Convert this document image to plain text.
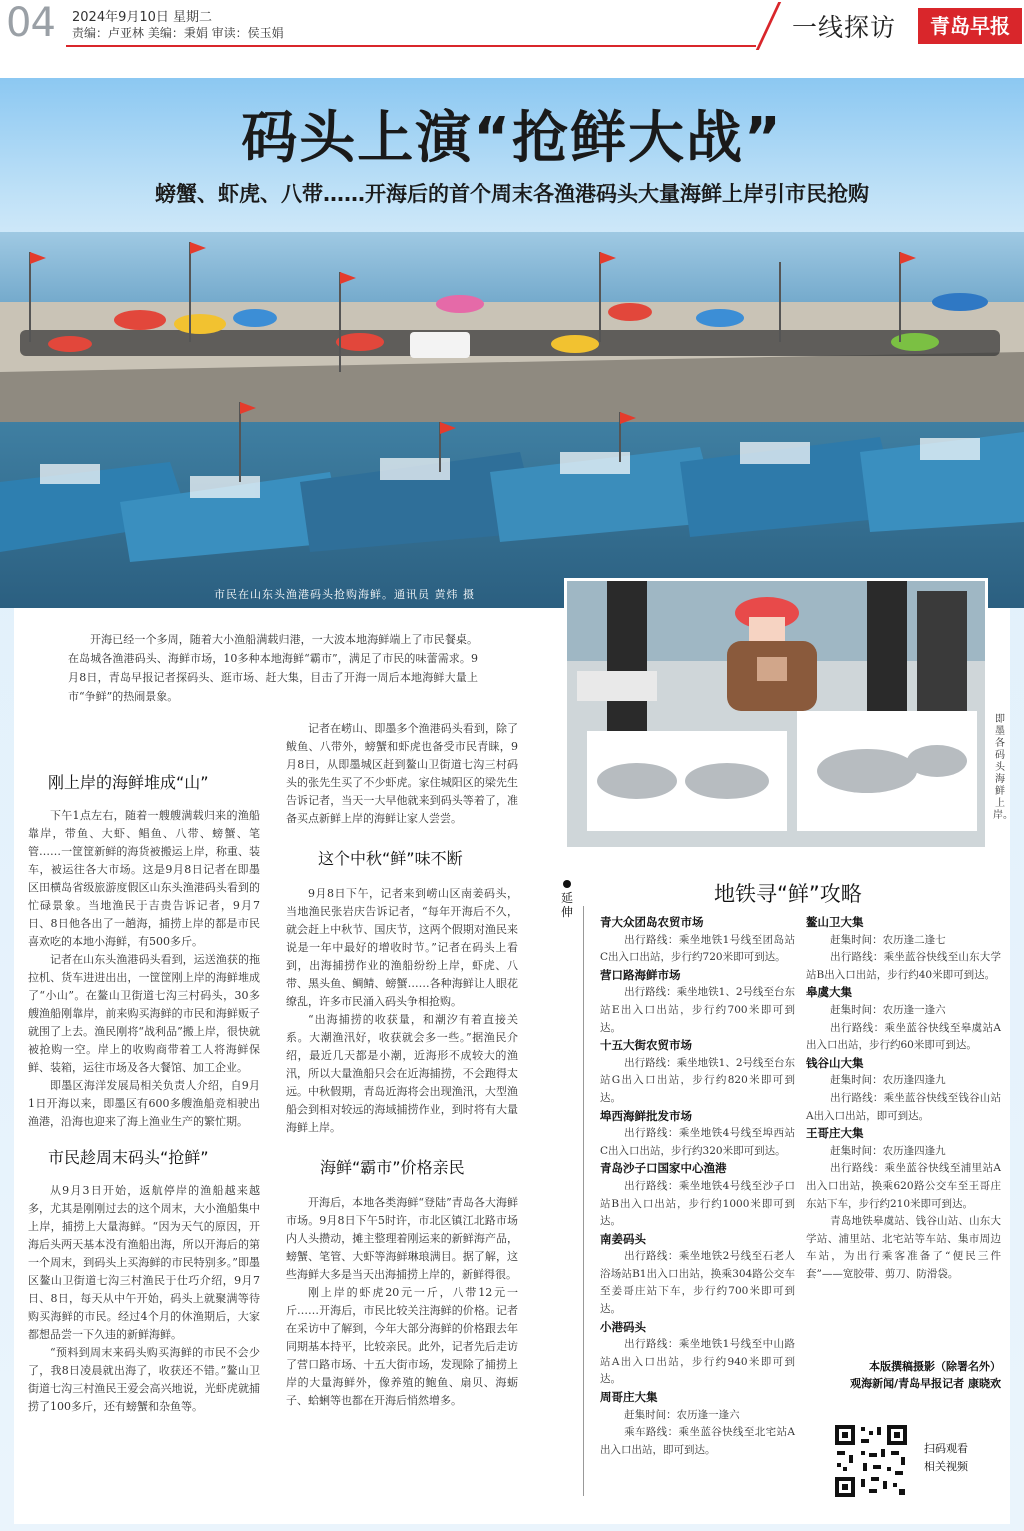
04 2024年9月10日 星期二
责编：卢亚林 美编：秉娟 审读：侯玉娟	一线探访	青岛早报
码头上演“抢鲜大战”
螃蟹、虾虎、八带……开海后的首个周末各渔港码头大量海鲜上岸引市民抢购
市民在山东头渔港码头抢购海鲜。通讯员 黄炜 摄
即墨各码头海鲜上岸。

开海已经一个多周，随着大小渔船满载归港，一大波本地海鲜端上了市民餐桌。在岛城各渔港码头、海鲜市场，10多种本地海鲜“霸市”，满足了市民的味蕾需求。9月8日，青岛早报记者探码头、逛市场、赶大集，目击了开海一周后本地海鲜大量上市“争鲜”的热闹景象。

刚上岸的海鲜堆成“山”

下午1点左右，随着一艘艘满载归来的渔船靠岸，带鱼、大虾、鲳鱼、八带、螃蟹、笔管……一筐筐新鲜的海货被搬运上岸，称重、装车，被运往各大市场。这是9月8日记者在即墨区田横岛省级旅游度假区山东头渔港码头看到的忙碌景象。当地渔民于吉贵告诉记者，9月7日、8日他各出了一趟海，捕捞上岸的都是市民喜欢吃的本地小海鲜，有500多斤。

记者在山东头渔港码头看到，运送渔获的拖拉机、货车进进出出，一筐筐刚上岸的海鲜堆成了“小山”。在鳌山卫街道七沟三村码头，30多艘渔船刚靠岸，前来购买海鲜的市民和海鲜贩子就围了上去。渔民刚将“战利品”搬上岸，很快就被抢购一空。岸上的收购商带着工人将海鲜保鲜、装箱，运往市场及各大餐馆、加工企业。

即墨区海洋发展局相关负责人介绍，自9月1日开海以来，即墨区有600多艘渔船竞相驶出渔港，沿海也迎来了海上渔业生产的繁忙期。

市民趁周末码头“抢鲜”

从9月3日开始，返航停岸的渔船越来越多，尤其是刚刚过去的这个周末，大小渔船集中上岸，捕捞上大量海鲜。“因为天气的原因，开海后头两天基本没有渔船出海，所以开海后的第一个周末，到码头上买海鲜的市民特别多。”即墨区鳌山卫街道七沟三村渔民于仕巧介绍，9月7日、8日，每天从中午开始，码头上就聚满等待购买海鲜的市民。经过4个月的休渔期后，大家都想品尝一下久违的新鲜海鲜。

“预料到周末来码头购买海鲜的市民不会少了，我8日凌晨就出海了，收获还不错。”鳌山卫街道七沟三村渔民王爱会高兴地说，光虾虎就捕捞了100多斤，还有螃蟹和杂鱼等。

记者在崂山、即墨多个渔港码头看到，除了鲅鱼、八带外，螃蟹和虾虎也备受市民青睐，9月8日，从即墨城区赶到鳌山卫街道七沟三村码头的张先生买了不少虾虎。家住城阳区的梁先生告诉记者，当天一大早他就来到码头等着了，准备买点新鲜上岸的海鲜让家人尝尝。

这个中秋“鲜”味不断

9月8日下午，记者来到崂山区南姜码头，当地渔民张岩庆告诉记者，“每年开海后不久，就会赶上中秋节、国庆节，这两个假期对渔民来说是一年中最好的增收时节。”记者在码头上看到，出海捕捞作业的渔船纷纷上岸，虾虎、八带、黑头鱼、鲷鲭、螃蟹……各种海鲜让人眼花缭乱，许多市民涌入码头争相抢购。

“出海捕捞的收获量，和潮汐有着直接关系。大潮渔汛好，收获就会多一些。”据渔民介绍，最近几天都是小潮，近海形不成较大的渔汛，所以大量渔船只会在近海捕捞，不会跑得太远。中秋假期，青岛近海将会出现渔汛，大型渔船会到相对较远的海域捕捞作业，到时将有大量海鲜上岸。

海鲜“霸市”价格亲民

开海后，本地各类海鲜“登陆”青岛各大海鲜市场。9月8日下午5时许，市北区镇江北路市场内人头攒动，摊主整理着刚运来的新鲜海产品，螃蟹、笔管、大虾等海鲜琳琅满目。据了解，这些海鲜大多是当天出海捕捞上岸的，新鲜得很。

刚上岸的虾虎20元一斤，八带12元一斤……开海后，市民比较关注海鲜的价格。记者在采访中了解到，今年大部分海鲜的价格跟去年同期基本持平，比较亲民。此外，记者先后走访了营口路市场、十五大街市场，发现除了捕捞上岸的大量海鲜外，像养殖的鲍鱼、扇贝、海蛎子、蛤蜊等也都在开海后悄然增多。

延伸
地铁寻“鲜”攻略
青大众团岛农贸市场
出行路线：乘坐地铁1号线至团岛站C出入口出站，步行约720米即可到达。
营口路海鲜市场
出行路线：乘坐地铁1、2号线至台东站E出入口出站，步行约700米即可到达。
十五大街农贸市场
出行路线：乘坐地铁1、2号线至台东站G出入口出站，步行约820米即可到达。
埠西海鲜批发市场
出行路线：乘坐地铁4号线至埠西站C出入口出站，步行约320米即可到达。
青岛沙子口国家中心渔港
出行路线：乘坐地铁4号线至沙子口站B出入口出站，步行约1000米即可到达。
南姜码头
出行路线：乘坐地铁2号线至石老人浴场站B1出入口出站，换乘304路公交车至姜哥庄站下车，步行约700米即可到达。
小港码头
出行路线：乘坐地铁1号线至中山路站A出入口出站，步行约940米即可到达。
周哥庄大集
赶集时间：农历逢一逢六
乘车路线：乘坐蓝谷快线至北宅站A出入口出站，即可到达。
鳌山卫大集
赶集时间：农历逢二逢七
出行路线：乘坐蓝谷快线至山东大学站B出入口出站，步行约40米即可到达。
皋虞大集
赶集时间：农历逢一逢六
出行路线：乘坐蓝谷快线至皋虞站A出入口出站，步行约60米即可到达。
钱谷山大集
赶集时间：农历逢四逢九
出行路线：乘坐蓝谷快线至钱谷山站A出入口出站，即可到达。
王哥庄大集
赶集时间：农历逢四逢九
出行路线：乘坐蓝谷快线至浦里站A出入口出站，换乘620路公交车至王哥庄东站下车，步行约210米即可到达。
青岛地铁皋虞站、钱谷山站、山东大学站、浦里站、北宅站等车站、集市周边车站，为出行乘客准备了“便民三件套”——宽胶带、剪刀、防滑袋。
本版撰稿摄影（除署名外）
观海新闻/青岛早报记者 康晓欢
扫码观看
相关视频
